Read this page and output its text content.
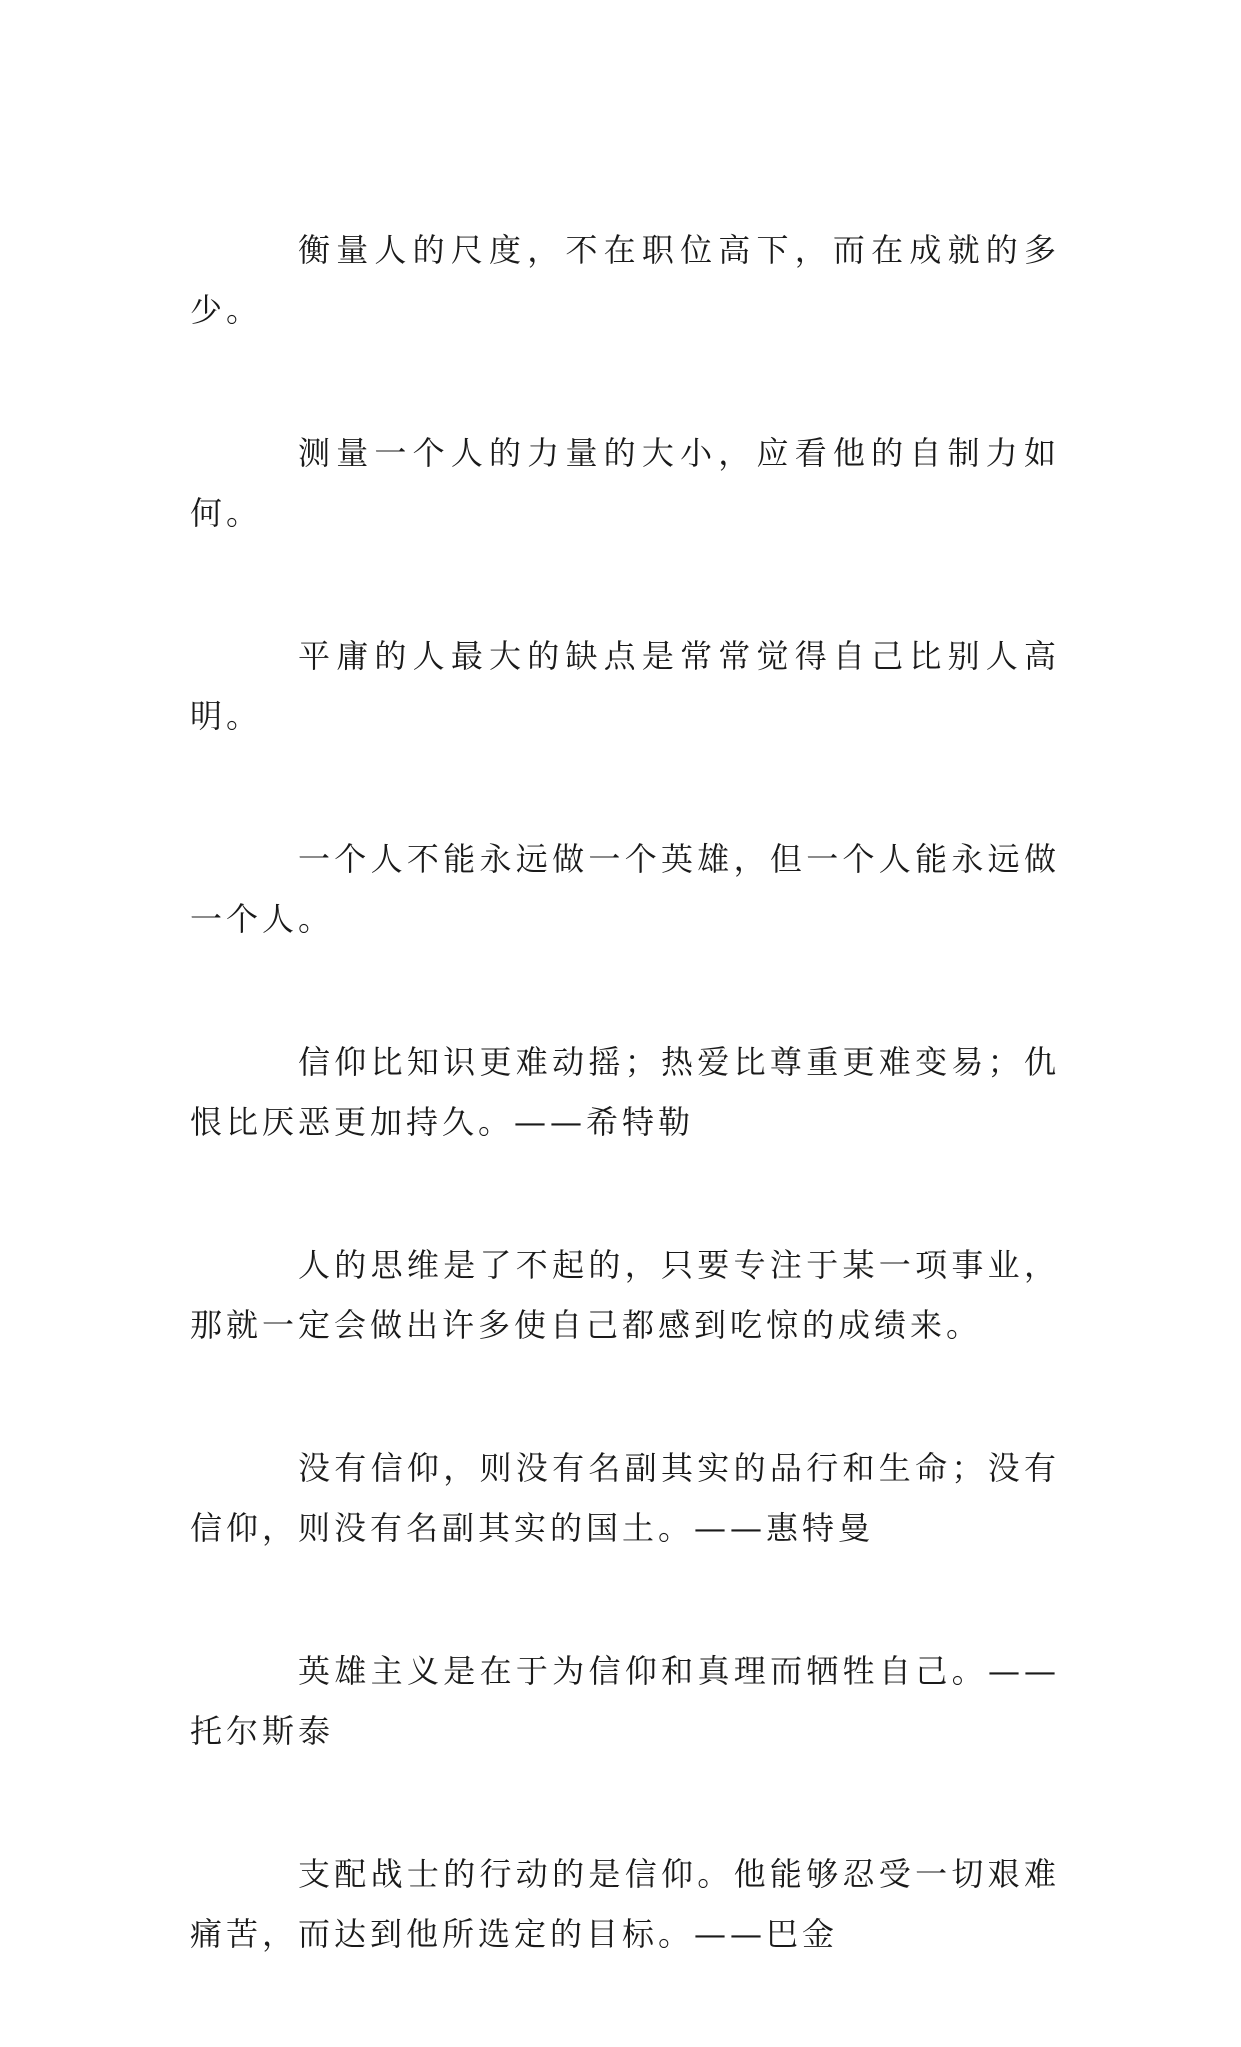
衡量人的尺度，不在职位高下，而在成就的多少。

测量一个人的力量的大小，应看他的自制力如何。

平庸的人最大的缺点是常常觉得自己比别人高明。

一个人不能永远做一个英雄，但一个人能永远做一个人。

信仰比知识更难动摇；热爱比尊重更难变易；仇恨比厌恶更加持久。——希特勒

人的思维是了不起的，只要专注于某一项事业，那就一定会做出许多使自己都感到吃惊的成绩来。

没有信仰，则没有名副其实的品行和生命；没有信仰，则没有名副其实的国土。——惠特曼

英雄主义是在于为信仰和真理而牺牲自己。——托尔斯泰

支配战士的行动的是信仰。他能够忍受一切艰难痛苦，而达到他所选定的目标。——巴金
